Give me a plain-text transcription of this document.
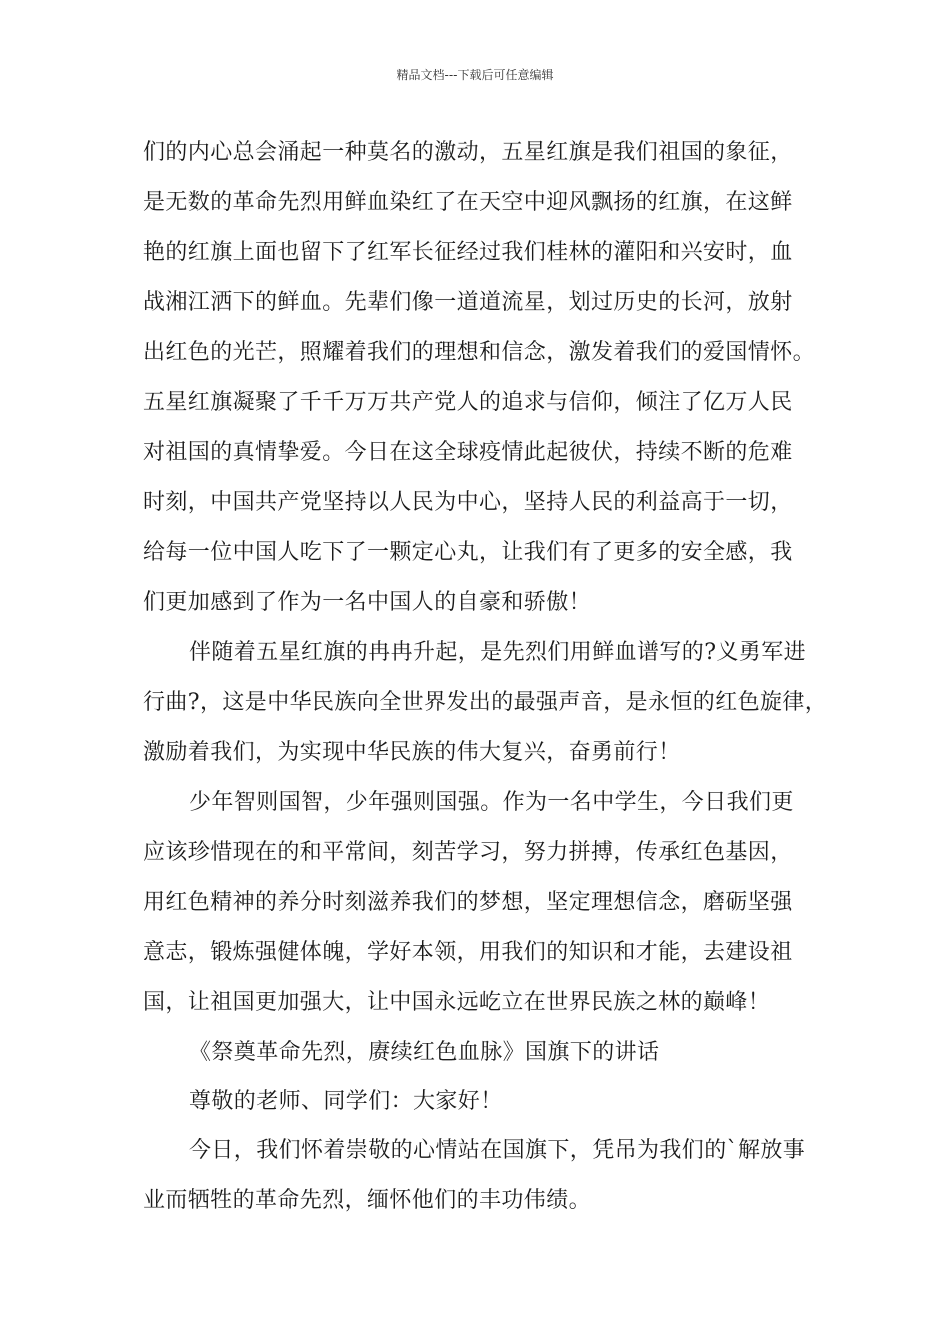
精品文档---下载后可任意编辑
们的内心总会涌起一种莫名的激动，五星红旗是我们祖国的象征，
是无数的革命先烈用鲜血染红了在天空中迎风飘扬的红旗，在这鲜
艳的红旗上面也留下了红军长征经过我们桂林的灌阳和兴安时，血
战湘江洒下的鲜血。先辈们像一道道流星，划过历史的长河，放射
出红色的光芒，照耀着我们的理想和信念，激发着我们的爱国情怀。
五星红旗凝聚了千千万万共产党人的追求与信仰，倾注了亿万人民
对祖国的真情挚爱。今日在这全球疫情此起彼伏，持续不断的危难
时刻，中国共产党坚持以人民为中心，坚持人民的利益高于一切，
给每一位中国人吃下了一颗定心丸，让我们有了更多的安全感，我
们更加感到了作为一名中国人的自豪和骄傲！
伴随着五星红旗的冉冉升起，是先烈们用鲜血谱写的?义勇军进
行曲?，这是中华民族向全世界发出的最强声音，是永恒的红色旋律，
激励着我们，为实现中华民族的伟大复兴，奋勇前行！
少年智则国智，少年强则国强。作为一名中学生，今日我们更
应该珍惜现在的和平常间，刻苦学习，努力拼搏，传承红色基因，
用红色精神的养分时刻滋养我们的梦想，坚定理想信念，磨砺坚强
意志，锻炼强健体魄，学好本领，用我们的知识和才能，去建设祖
国，让祖国更加强大，让中国永远屹立在世界民族之林的巅峰！
《祭奠革命先烈，赓续红色血脉》国旗下的讲话
尊敬的老师、同学们：大家好！
今日，我们怀着崇敬的心情站在国旗下，凭吊为我们的`解放事
业而牺牲的革命先烈，缅怀他们的丰功伟绩。
